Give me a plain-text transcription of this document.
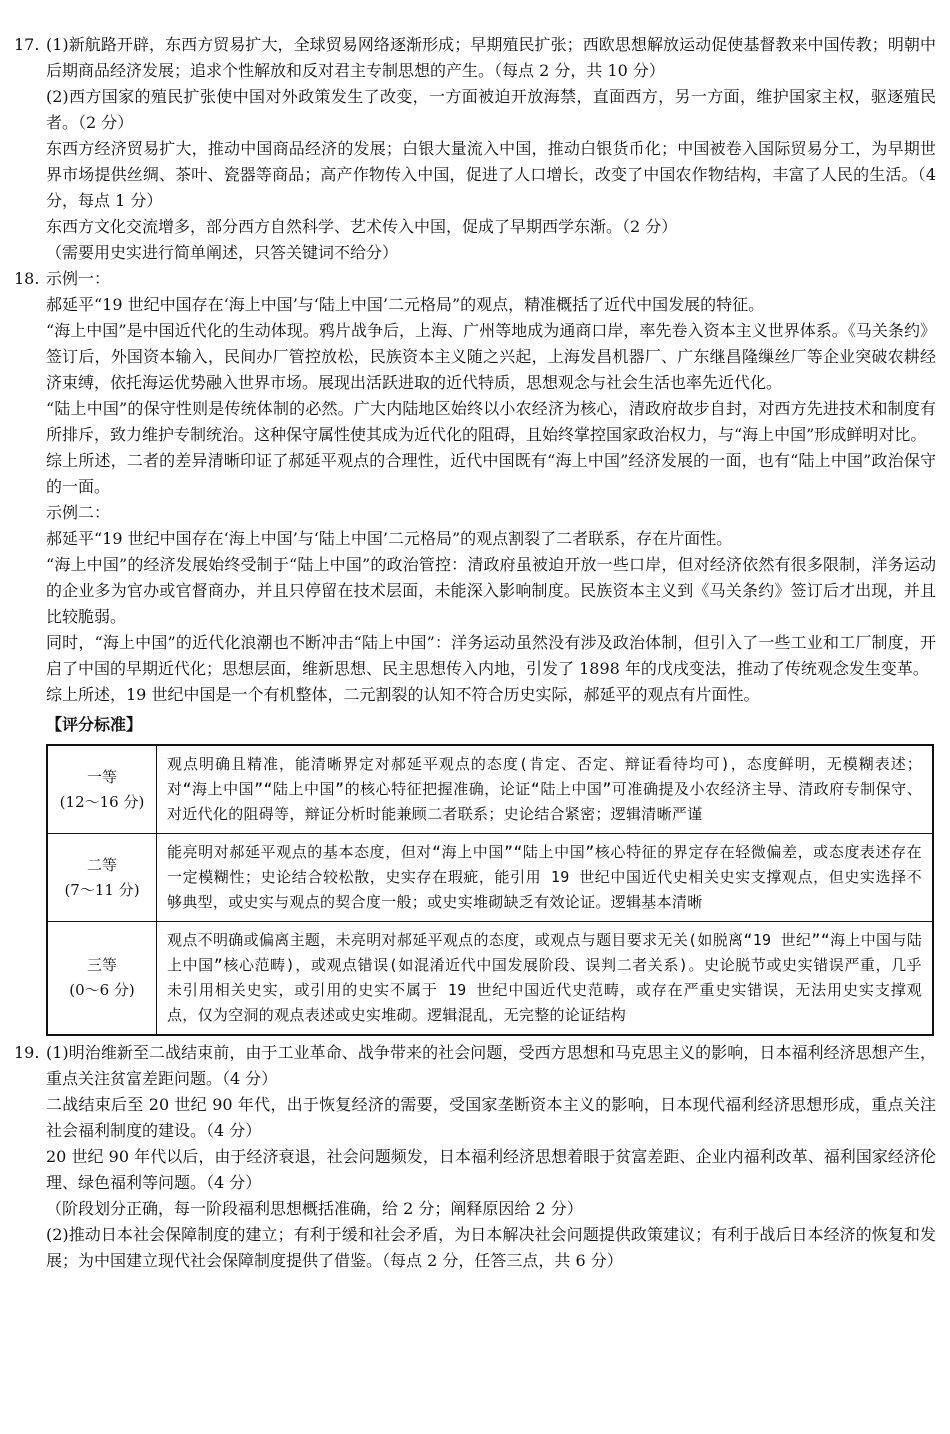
17. (1)新航路开辟，东西方贸易扩大，全球贸易网络逐渐形成；早期殖民扩张；西欧思想解放运动促使基督教来中国传教；明朝中后期商品经济发展；追求个性解放和反对君主专制思想的产生。（每点 2 分，共 10 分）

(2)西方国家的殖民扩张使中国对外政策发生了改变，一方面被迫开放海禁，直面西方，另一方面，维护国家主权，驱逐殖民者。（2 分）

东西方经济贸易扩大，推动中国商品经济的发展；白银大量流入中国，推动白银货币化；中国被卷入国际贸易分工，为早期世界市场提供丝绸、茶叶、瓷器等商品；高产作物传入中国，促进了人口增长，改变了中国农作物结构，丰富了人民的生活。（4 分，每点 1 分）

东西方文化交流增多，部分西方自然科学、艺术传入中国，促成了早期西学东渐。（2 分）

（需要用史实进行简单阐述，只答关键词不给分）

18. 示例一：

郝延平“19 世纪中国存在‘海上中国’与‘陆上中国’二元格局”的观点，精准概括了近代中国发展的特征。

“海上中国”是中国近代化的生动体现。鸦片战争后，上海、广州等地成为通商口岸，率先卷入资本主义世界体系。《马关条约》签订后，外国资本输入，民间办厂管控放松，民族资本主义随之兴起，上海发昌机器厂、广东继昌隆缫丝厂等企业突破农耕经济束缚，依托海运优势融入世界市场。展现出活跃进取的近代特质，思想观念与社会生活也率先近代化。

“陆上中国”的保守性则是传统体制的必然。广大内陆地区始终以小农经济为核心，清政府故步自封，对西方先进技术和制度有所排斥，致力维护专制统治。这种保守属性使其成为近代化的阻碍，且始终掌控国家政治权力，与“海上中国”形成鲜明对比。

综上所述，二者的差异清晰印证了郝延平观点的合理性，近代中国既有“海上中国”经济发展的一面，也有“陆上中国”政治保守的一面。

示例二：

郝延平“19 世纪中国存在‘海上中国’与‘陆上中国’二元格局”的观点割裂了二者联系，存在片面性。

“海上中国”的经济发展始终受制于“陆上中国”的政治管控：清政府虽被迫开放一些口岸，但对经济依然有很多限制，洋务运动的企业多为官办或官督商办，并且只停留在技术层面，未能深入影响制度。民族资本主义到《马关条约》签订后才出现，并且比较脆弱。

同时，“海上中国”的近代化浪潮也不断冲击“陆上中国”：洋务运动虽然没有涉及政治体制，但引入了一些工业和工厂制度，开启了中国的早期近代化；思想层面，维新思想、民主思想传入内地，引发了 1898 年的戊戌变法，推动了传统观念发生变革。

综上所述，19 世纪中国是一个有机整体，二元割裂的认知不符合历史实际，郝延平的观点有片面性。

【评分标准】
一等
(12～16 分)	观点明确且精准，能清晰界定对郝延平观点的态度(肯定、否定、辩证看待均可)，态度鲜明，无模糊表述；对“海上中国”“陆上中国”的核心特征把握准确，论证“陆上中国”可准确提及小农经济主导、清政府专制保守、对近代化的阻碍等，辩证分析时能兼顾二者联系；史论结合紧密；逻辑清晰严谨

二等
(7～11 分)	能亮明对郝延平观点的基本态度，但对“海上中国”“陆上中国”核心特征的界定存在轻微偏差，或态度表述存在一定模糊性；史论结合较松散，史实存在瑕疵，能引用 19 世纪中国近代史相关史实支撑观点，但史实选择不够典型，或史实与观点的契合度一般；或史实堆砌缺乏有效论证。逻辑基本清晰

三等
(0～6 分)	观点不明确或偏离主题，未亮明对郝延平观点的态度，或观点与题目要求无关(如脱离“19 世纪”“海上中国与陆上中国”核心范畴)，或观点错误(如混淆近代中国发展阶段、误判二者关系)。史论脱节或史实错误严重，几乎未引用相关史实，或引用的史实不属于 19 世纪中国近代史范畴，或存在严重史实错误，无法用史实支撑观点，仅为空洞的观点表述或史实堆砌。逻辑混乱，无完整的论证结构
19. (1)明治维新至二战结束前，由于工业革命、战争带来的社会问题，受西方思想和马克思主义的影响，日本福利经济思想产生，重点关注贫富差距问题。（4 分）

二战结束后至 20 世纪 90 年代，出于恢复经济的需要，受国家垄断资本主义的影响，日本现代福利经济思想形成，重点关注社会福利制度的建设。（4 分）

20 世纪 90 年代以后，由于经济衰退，社会问题频发，日本福利经济思想着眼于贫富差距、企业内福利改革、福利国家经济伦理、绿色福利等问题。（4 分）

（阶段划分正确，每一阶段福利思想概括准确，给 2 分；阐释原因给 2 分）

(2)推动日本社会保障制度的建立；有利于缓和社会矛盾，为日本解决社会问题提供政策建议；有利于战后日本经济的恢复和发展；为中国建立现代社会保障制度提供了借鉴。（每点 2 分，任答三点，共 6 分）
